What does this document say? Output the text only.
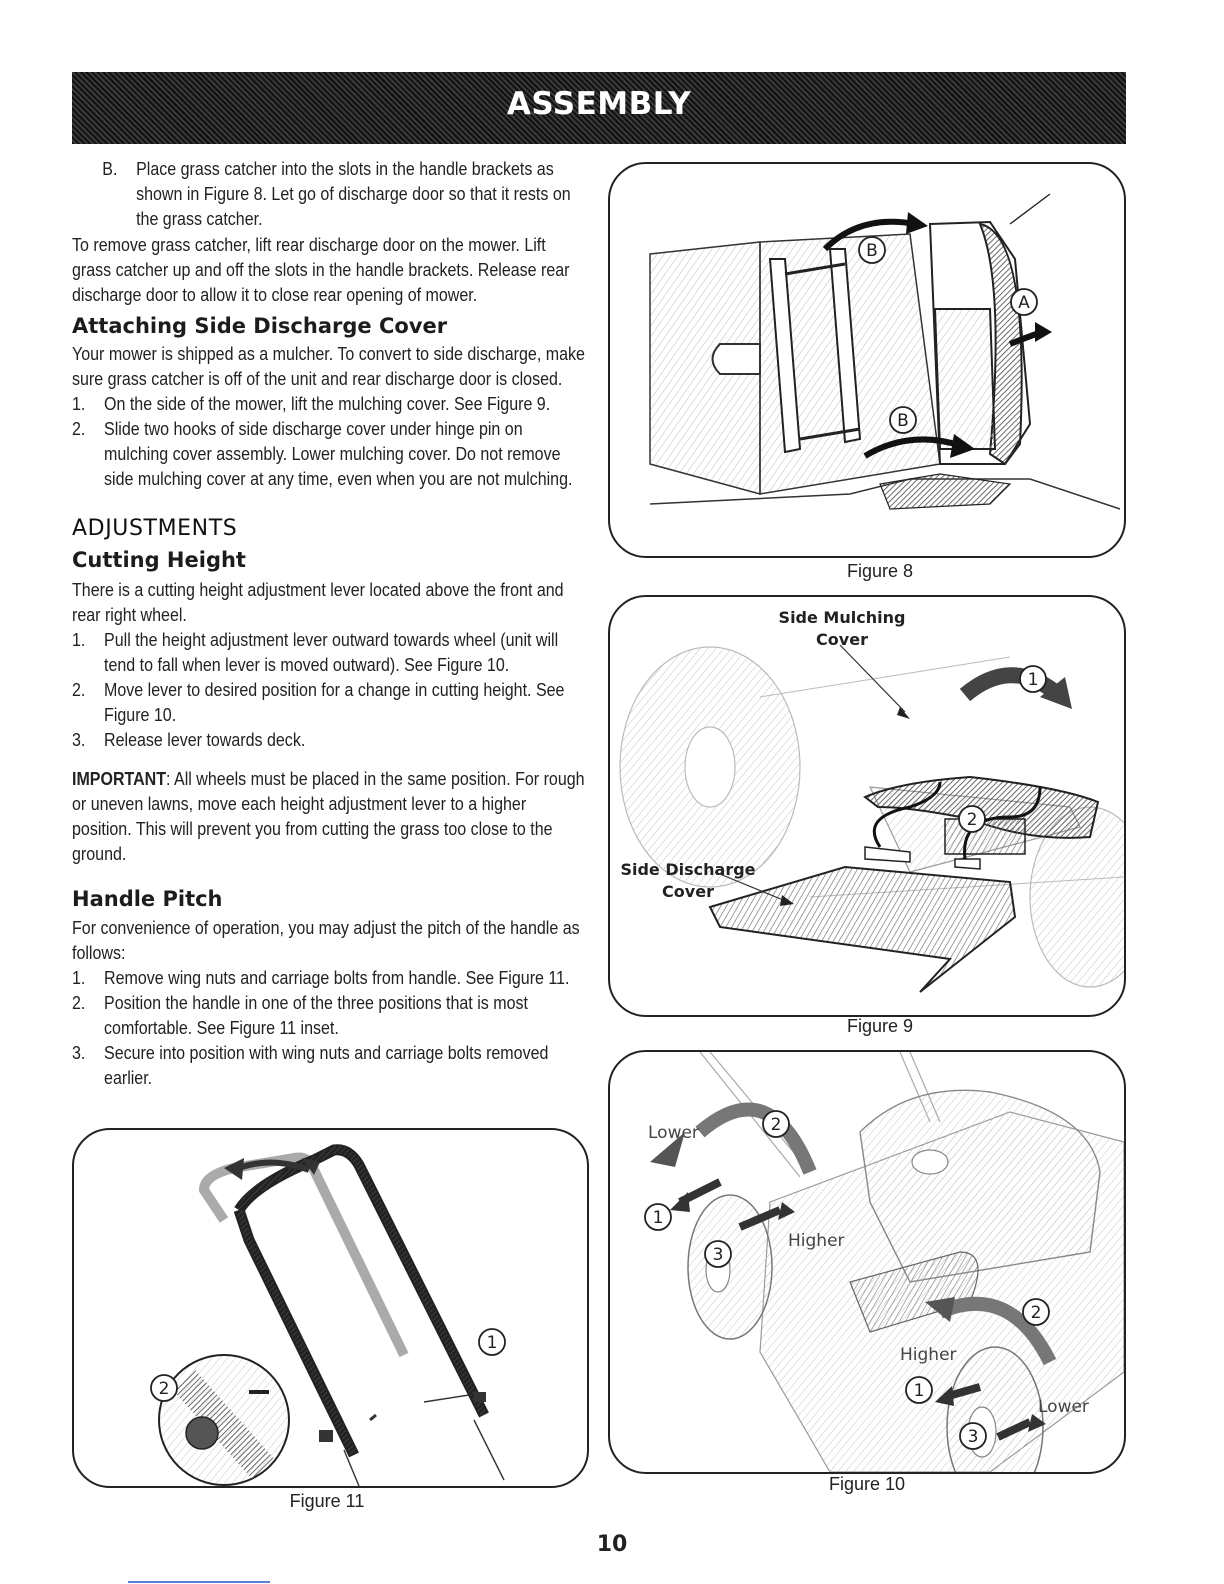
ASSEMBLY
B. Place grass catcher into the slots in the handle brackets as shown in Figure 8. Let go of discharge door so that it rests on the grass catcher.

To remove grass catcher, lift rear discharge door on the mower. Lift grass catcher up and off the slots in the handle brackets. Release rear discharge door to allow it to close rear opening of mower.

Attaching Side Discharge Cover

Your mower is shipped as a mulcher. To convert to side discharge, make sure grass catcher is off of the unit and rear discharge door is closed.

1. On the side of the mower, lift the mulching cover. See Figure 9.
2. Slide two hooks of side discharge cover under hinge pin on mulching cover assembly. Lower mulching cover. Do not remove side mulching cover at any time, even when you are not mulching.
ADJUSTMENTS
Cutting Height

There is a cutting height adjustment lever located above the front and rear right wheel.

1. Pull the height adjustment lever outward towards wheel (unit will tend to fall when lever is moved outward). See Figure 10.
2. Move lever to desired position for a change in cutting height. See Figure 10.
3. Release lever towards deck.

IMPORTANT: All wheels must be placed in the same position. For rough or uneven lawns, move each height adjustment lever to a higher position. This will prevent you from cutting the grass too close to the ground.

Handle Pitch

For convenience of operation, you may adjust the pitch of the handle as follows:

1. Remove wing nuts and carriage bolts from handle. See Figure 11.
2. Position the handle in one of the three positions that is most comfortable. See Figure 11 inset.
3. Secure into position with wing nuts and carriage bolts removed earlier.
B
A
B
Figure 8
Side Mulching
Cover
Side Discharge
Cover
1
2
Figure 9
Lower
Higher
Higher
Lower
2
1
3
2
1
3
Figure 10
1
2
Figure 11
10
